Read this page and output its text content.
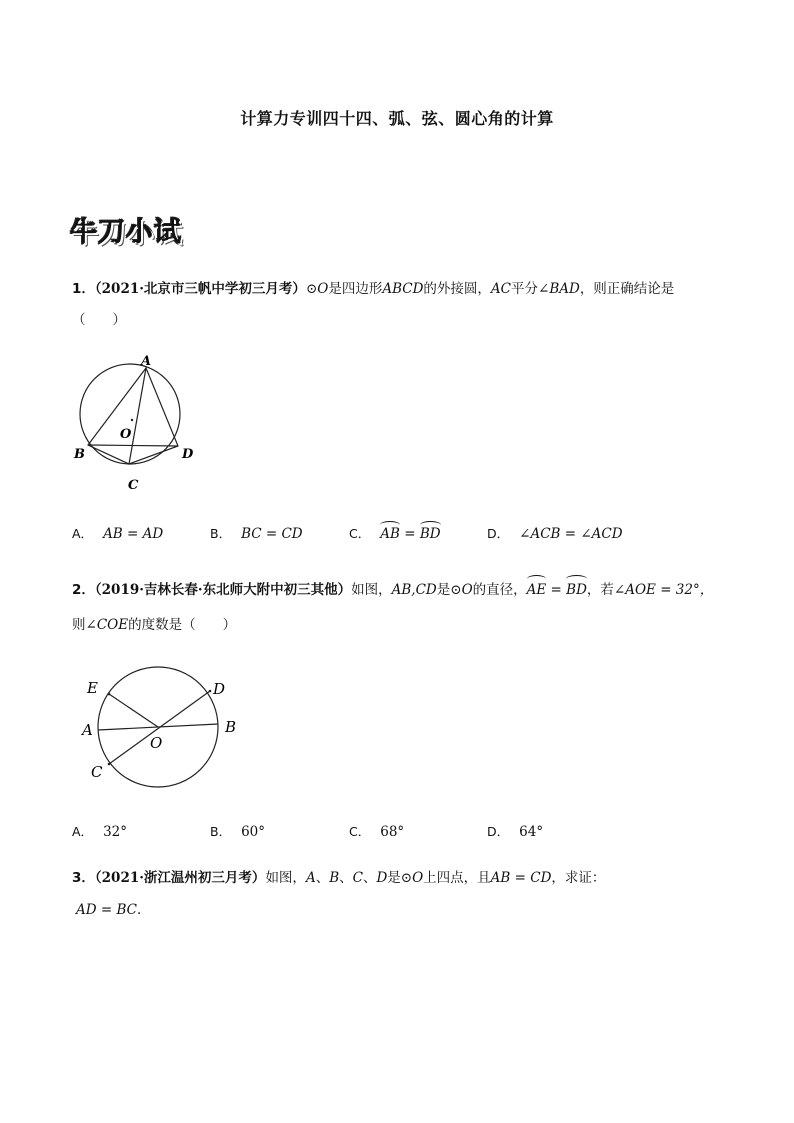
计算力专训四十四、弧、弦、圆心角的计算
牛刀小试
1．（2021·北京市三帆中学初三月考）⊙O是四边形ABCD的外接圆，AC平分∠BAD，则正确结论是
（　　）
A
O
B	D
C
A． AB = AD	B． BC = CD	C． AB = BD	D． ∠ACB = ∠ACD
2．（2019·吉林长春·东北师大附中初三其他）如图，AB,CD是⊙O的直径，AE = BD，若∠AOE = 32°，
则∠COE的度数是（　　）
E	D
A	B
O
C
A． 32°	B． 60°	C． 68°	D． 64°
3．（2021·浙江温州初三月考）如图，A、B、C、D是⊙O上四点，且AB = CD，求证：
AD = BC．
